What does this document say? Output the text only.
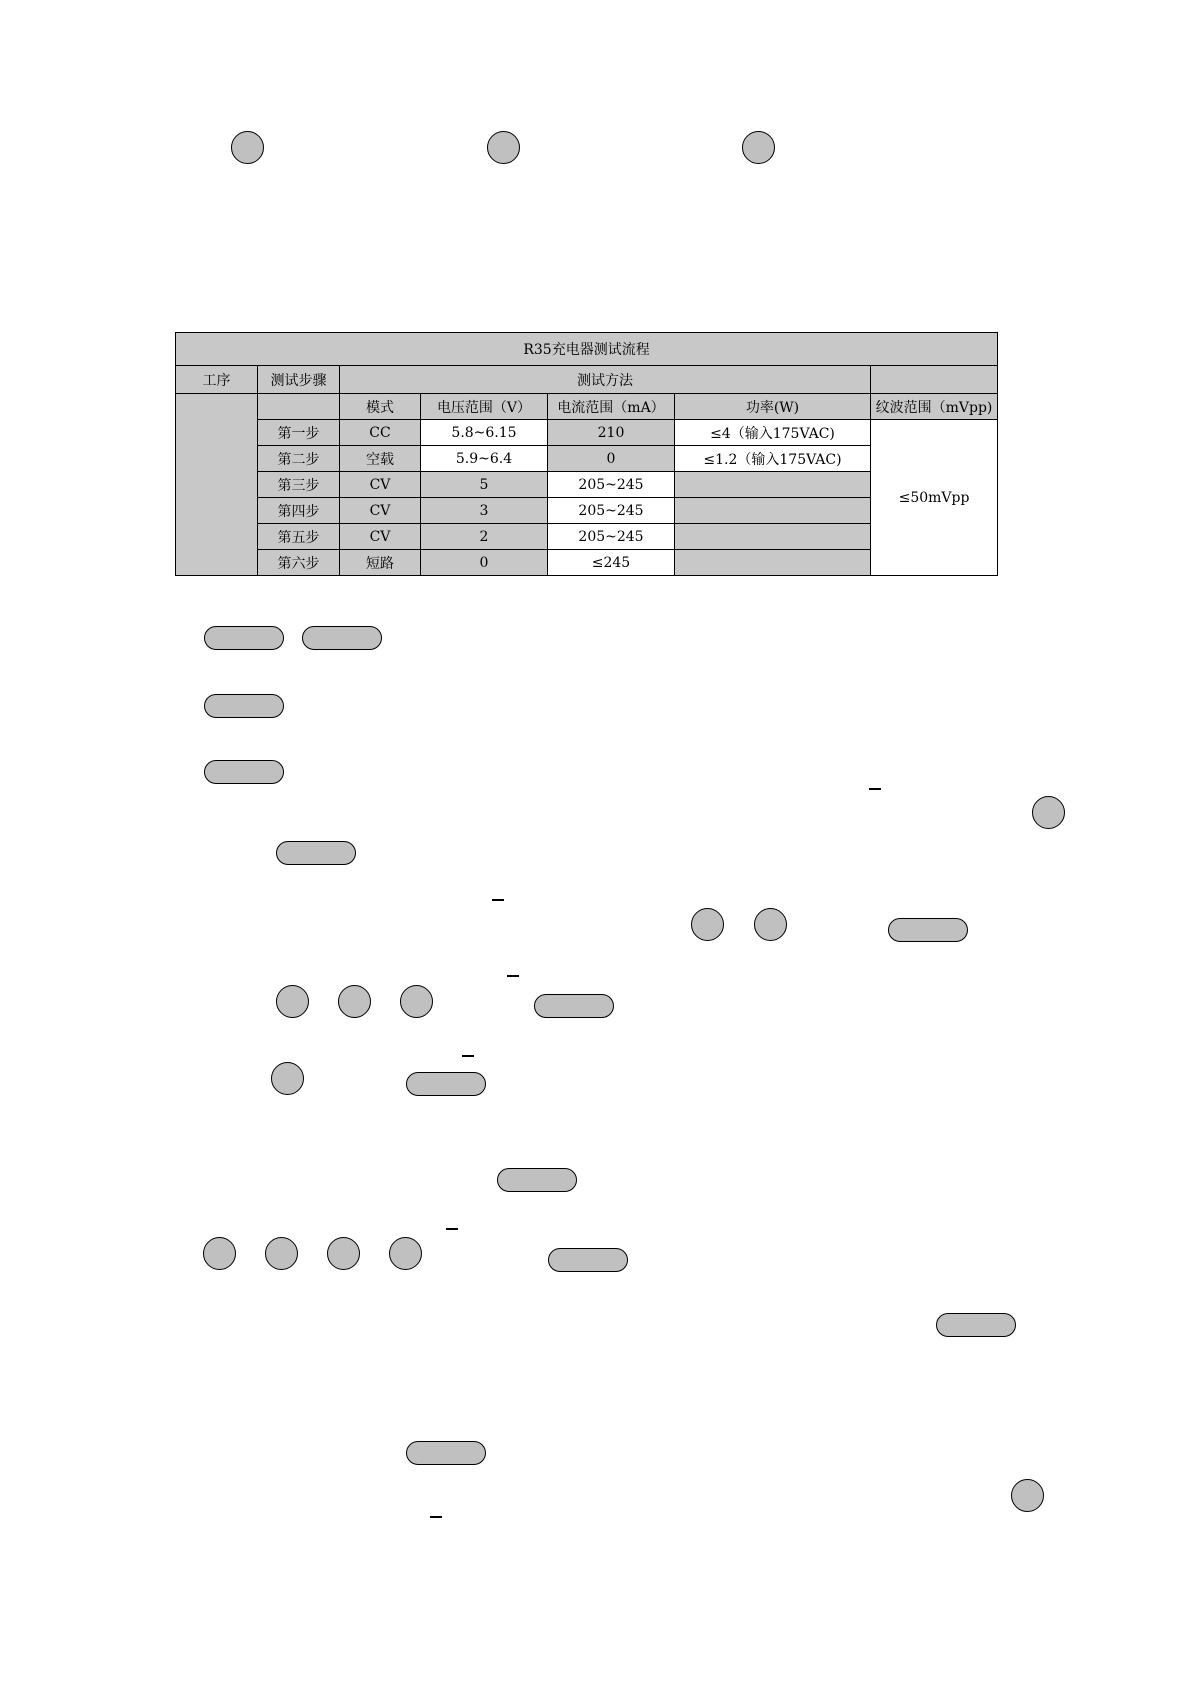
R35充电器测试流程						
工序	测试步骤	测试方法				
		模式	电压范围（V）	电流范围（mA）	功率(W)	纹波范围（mVpp)
	第一步	CC	5.8~6.15	210	≤4（输入175VAC)	≤50mVpp
	第二步	空载	5.9~6.4	0	≤1.2（输入175VAC)	
	第三步	CV	5	205~245		
	第四步	CV	3	205~245		
	第五步	CV	2	205~245		
	第六步	短路	0	≤245		
